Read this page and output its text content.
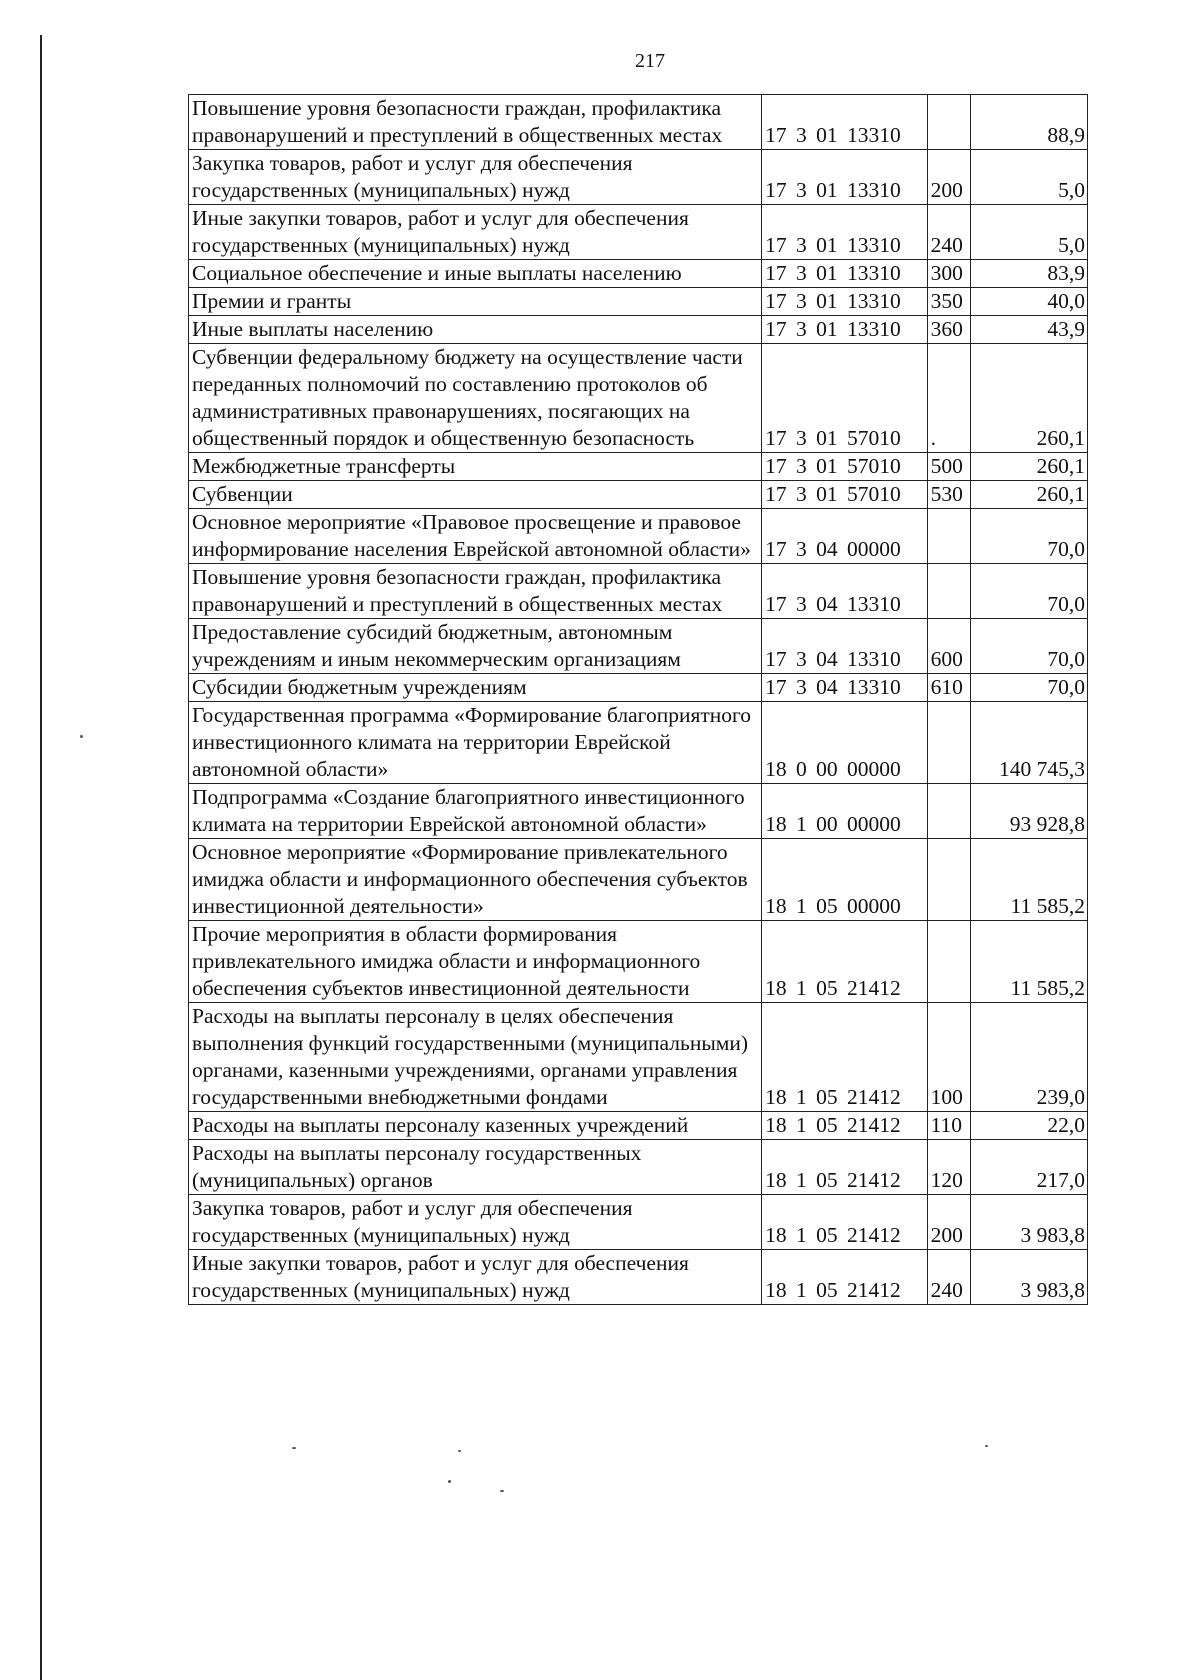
217
Повышение уровня безопасности граждан, профилактика правонарушений и преступлений в общественных местах	17 3 01 13310		88,9
Закупка товаров, работ и услуг для обеспечения государственных (муниципальных) нужд	17 3 01 13310	200	5,0
Иные закупки товаров, работ и услуг для обеспечения государственных (муниципальных) нужд	17 3 01 13310	240	5,0
Социальное обеспечение и иные выплаты населению	17 3 01 13310	300	83,9
Премии и гранты	17 3 01 13310	350	40,0
Иные выплаты населению	17 3 01 13310	360	43,9
Субвенции федеральному бюджету на осуществление части переданных полномочий по составлению протоколов об административных правонарушениях, посягающих на общественный порядок и общественную безопасность	17 3 01 57010	.	260,1
Межбюджетные трансферты	17 3 01 57010	500	260,1
Субвенции	17 3 01 57010	530	260,1
Основное мероприятие «Правовое просвещение и правовое информирование населения Еврейской автономной области»	17 3 04 00000		70,0
Повышение уровня безопасности граждан, профилактика правонарушений и преступлений в общественных местах	17 3 04 13310		70,0
Предоставление субсидий бюджетным, автономным учреждениям и иным некоммерческим организациям	17 3 04 13310	600	70,0
Субсидии бюджетным учреждениям	17 3 04 13310	610	70,0
Государственная программа «Формирование благоприятного инвестиционного климата на территории Еврейской автономной области»	18 0 00 00000		140 745,3
Подпрограмма «Создание благоприятного инвестиционного климата на территории Еврейской автономной области»	18 1 00 00000		93 928,8
Основное мероприятие «Формирование привлекательного имиджа области и информационного обеспечения субъектов инвестиционной деятельности»	18 1 05 00000		11 585,2
Прочие мероприятия в области формирования привлекательного имиджа области и информационного обеспечения субъектов инвестиционной деятельности	18 1 05 21412		11 585,2
Расходы на выплаты персоналу в целях обеспечения выполнения функций государственными (муниципальными) органами, казенными учреждениями, органами управления государственными внебюджетными фондами	18 1 05 21412	100	239,0
Расходы на выплаты персоналу казенных учреждений	18 1 05 21412	110	22,0
Расходы на выплаты персоналу государственных (муниципальных) органов	18 1 05 21412	120	217,0
Закупка товаров, работ и услуг для обеспечения государственных (муниципальных) нужд	18 1 05 21412	200	3 983,8
Иные закупки товаров, работ и услуг для обеспечения государственных (муниципальных) нужд	18 1 05 21412	240	3 983,8
